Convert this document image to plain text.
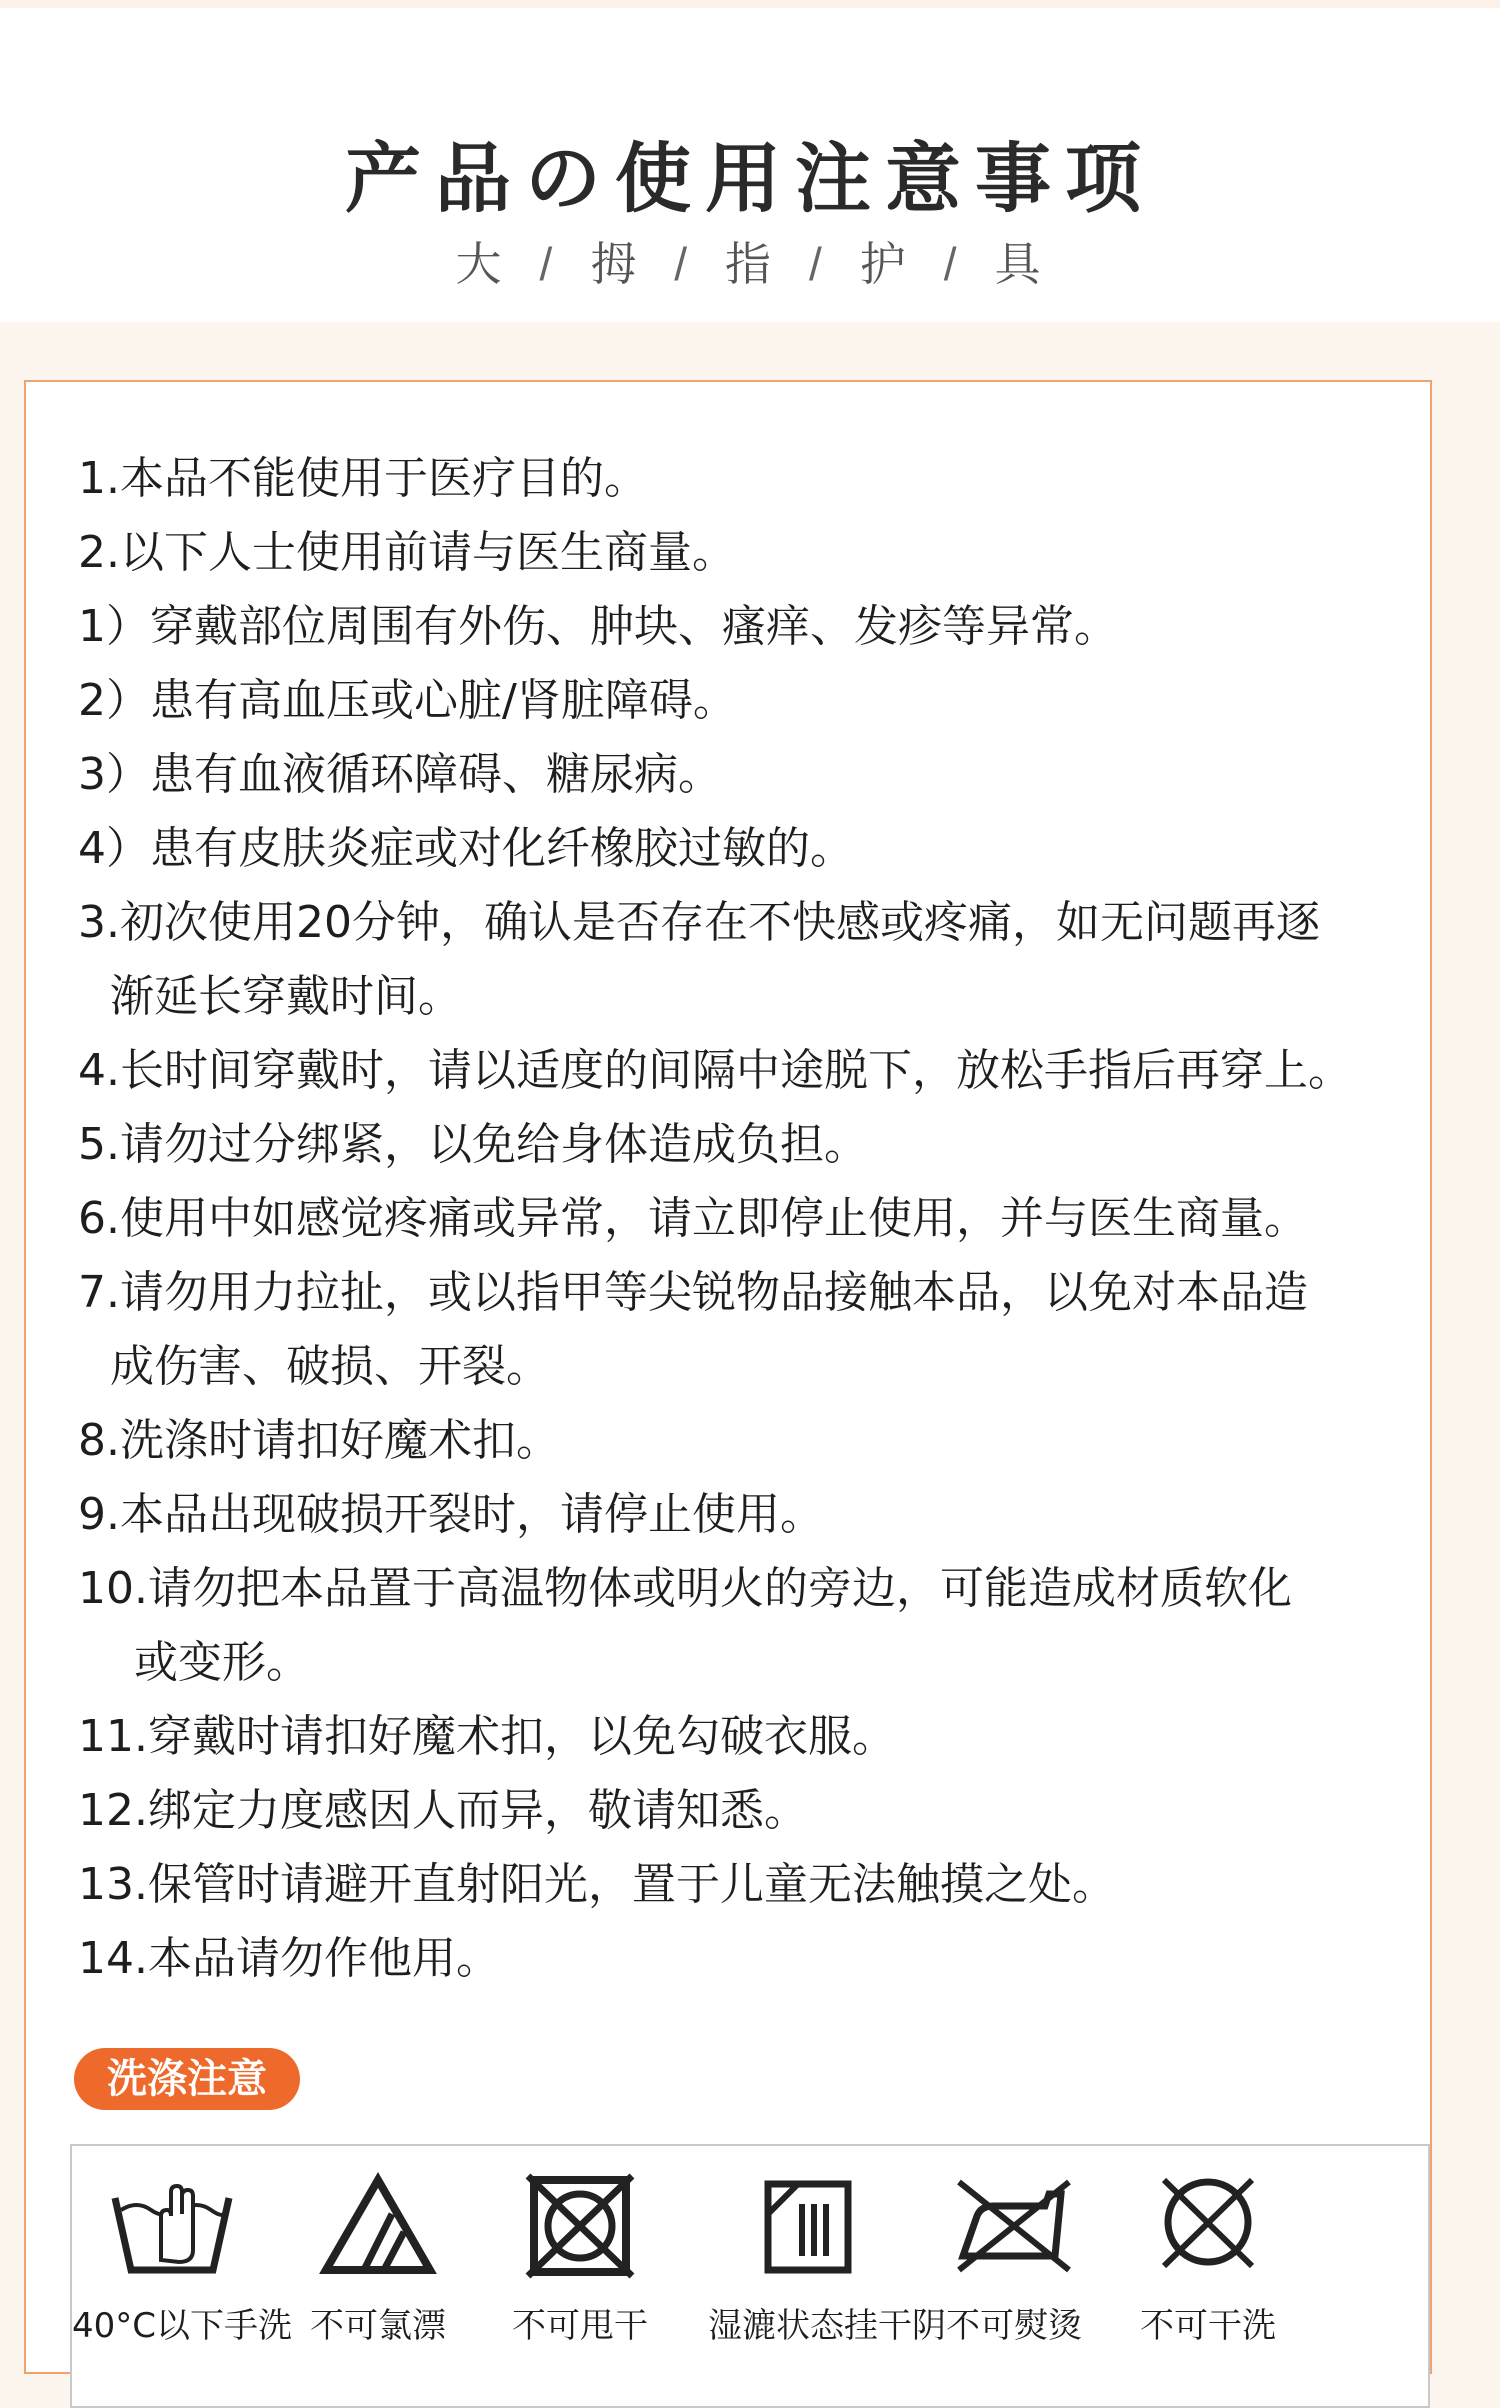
产品の使用注意事项
大 / 拇 / 指 / 护 / 具
1.本品不能使用于医疗目的。
2.以下人士使用前请与医生商量。
1）穿戴部位周围有外伤、肿块、瘙痒、发疹等异常。
2）患有高血压或心脏/肾脏障碍。
3）患有血液循环障碍、糖尿病。
4）患有皮肤炎症或对化纤橡胶过敏的。
3.初次使用20分钟，确认是否存在不快感或疼痛，如无问题再逐
渐延长穿戴时间。
4.长时间穿戴时，请以适度的间隔中途脱下，放松手指后再穿上。
5.请勿过分绑紧，以免给身体造成负担。
6.使用中如感觉疼痛或异常，请立即停止使用，并与医生商量。
7.请勿用力拉扯，或以指甲等尖锐物品接触本品，以免对本品造
成伤害、破损、开裂。
8.洗涤时请扣好魔术扣。
9.本品出现破损开裂时，请停止使用。
10.请勿把本品置于高温物体或明火的旁边，可能造成材质软化
或变形。
11.穿戴时请扣好魔术扣，以免勾破衣服。
12.绑定力度感因人而异，敬请知悉。
13.保管时请避开直射阳光，置于儿童无法触摸之处。
14.本品请勿作他用。
洗涤注意
40°C以下手洗 不可氯漂	不可甩干	湿漉状态挂干阴 不可熨烫	不可干洗
